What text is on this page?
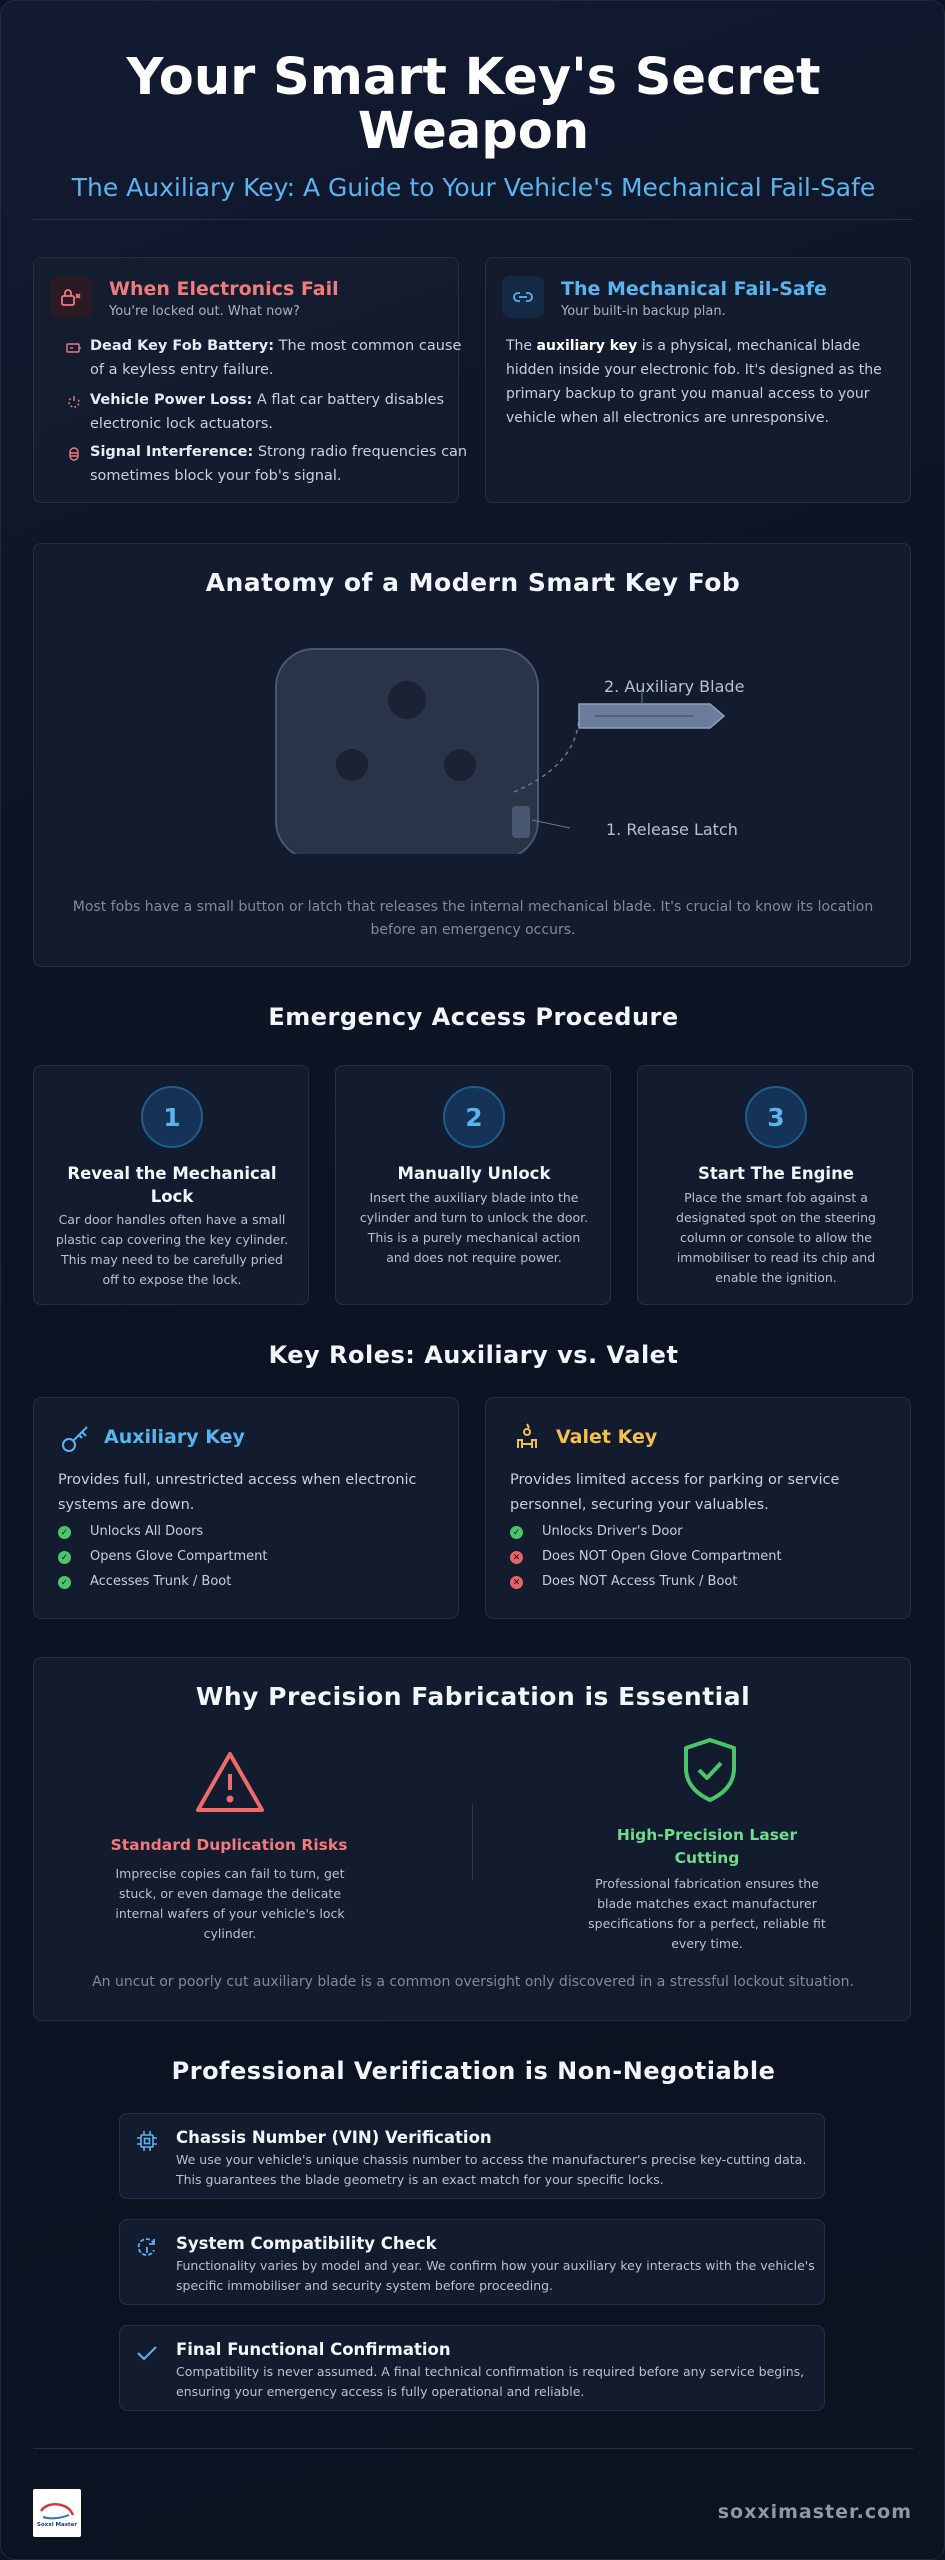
Your Smart Key's Secret Weapon
The Auxiliary Key: A Guide to Your Vehicle's Mechanical Fail-Safe
When Electronics Fail
You're locked out. What now?
Dead Key Fob Battery: The most common cause of a keyless entry failure.
Vehicle Power Loss: A flat car battery disables electronic lock actuators.
Signal Interference: Strong radio frequencies can sometimes block your fob's signal.
The Mechanical Fail-Safe
Your built-in backup plan.
The auxiliary key is a physical, mechanical blade hidden inside your electronic fob. It's designed as the primary backup to grant you manual access to your vehicle when all electronics are unresponsive.
Anatomy of a Modern Smart Key Fob
2. Auxiliary Blade
1. Release Latch
Most fobs have a small button or latch that releases the internal mechanical blade. It's crucial to know its location before an emergency occurs.
Emergency Access Procedure
1
Reveal the Mechanical Lock
Car door handles often have a small plastic cap covering the key cylinder. This may need to be carefully pried off to expose the lock.
2
Manually Unlock
Insert the auxiliary blade into the cylinder and turn to unlock the door. This is a purely mechanical action and does not require power.
3
Start The Engine
Place the smart fob against a designated spot on the steering column or console to allow the immobiliser to read its chip and enable the ignition.
Key Roles: Auxiliary vs. Valet
Auxiliary Key
Provides full, unrestricted access when electronic systems are down.
✓ Unlocks All Doors
✓ Opens Glove Compartment
✓ Accesses Trunk / Boot
Valet Key
Provides limited access for parking or service personnel, securing your valuables.
✓ Unlocks Driver's Door
✕ Does NOT Open Glove Compartment
✕ Does NOT Access Trunk / Boot
Why Precision Fabrication is Essential
Standard Duplication Risks
Imprecise copies can fail to turn, get stuck, or even damage the delicate internal wafers of your vehicle's lock cylinder.
High-Precision Laser Cutting
Professional fabrication ensures the blade matches exact manufacturer specifications for a perfect, reliable fit every time.
An uncut or poorly cut auxiliary blade is a common oversight only discovered in a stressful lockout situation.
Professional Verification is Non-Negotiable
Chassis Number (VIN) Verification
We use your vehicle's unique chassis number to access the manufacturer's precise key-cutting data. This guarantees the blade geometry is an exact match for your specific locks.
System Compatibility Check
Functionality varies by model and year. We confirm how your auxiliary key interacts with the vehicle's specific immobiliser and security system before proceeding.
Final Functional Confirmation
Compatibility is never assumed. A final technical confirmation is required before any service begins, ensuring your emergency access is fully operational and reliable.
Soxxi Master
soxximaster.com
